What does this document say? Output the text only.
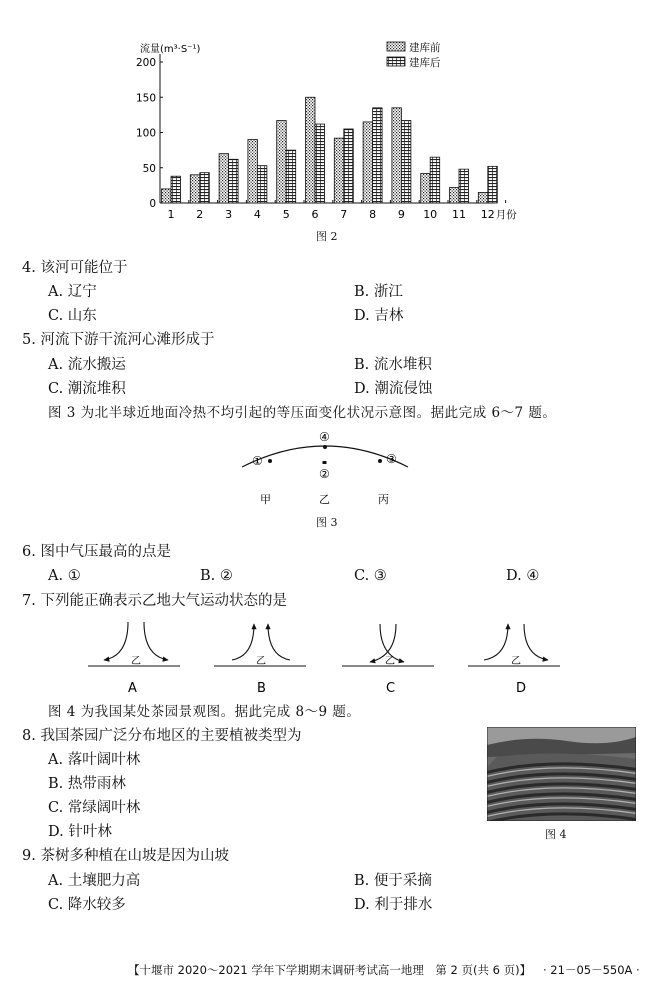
0
50
100
150
200
流量(m³·S⁻¹)
1 2 3 4 5 6 7 8 9 10 11 12 月份
建库前
建库后
图 2
4. 该河可能位于
A. 辽宁	B. 浙江
C. 山东	D. 吉林
5. 河流下游干流河心滩形成于
A. 流水搬运	B. 流水堆积
C. 潮流堆积	D. 潮流侵蚀
图 3 为北半球近地面冷热不均引起的等压面变化状况示意图。据此完成 6～7 题。
①
②
③
④
甲	乙	丙
图 3
6. 图中气压最高的点是
A. ①	B. ②	C. ③	D. ④
7. 下列能正确表示乙地大气运动状态的是
乙
A
乙
B
乙
C
乙
D
图 4 为我国某处茶园景观图。据此完成 8～9 题。
8. 我国茶园广泛分布地区的主要植被类型为
A. 落叶阔叶林
B. 热带雨林
C. 常绿阔叶林
D. 针叶林	图 4
9. 茶树多种植在山坡是因为山坡
A. 土壤肥力高	B. 便于采摘
C. 降水较多	D. 利于排水
【十堰市 2020～2021 学年下学期期末调研考试高一地理　第 2 页(共 6 页)】 · 21－05－550A ·
